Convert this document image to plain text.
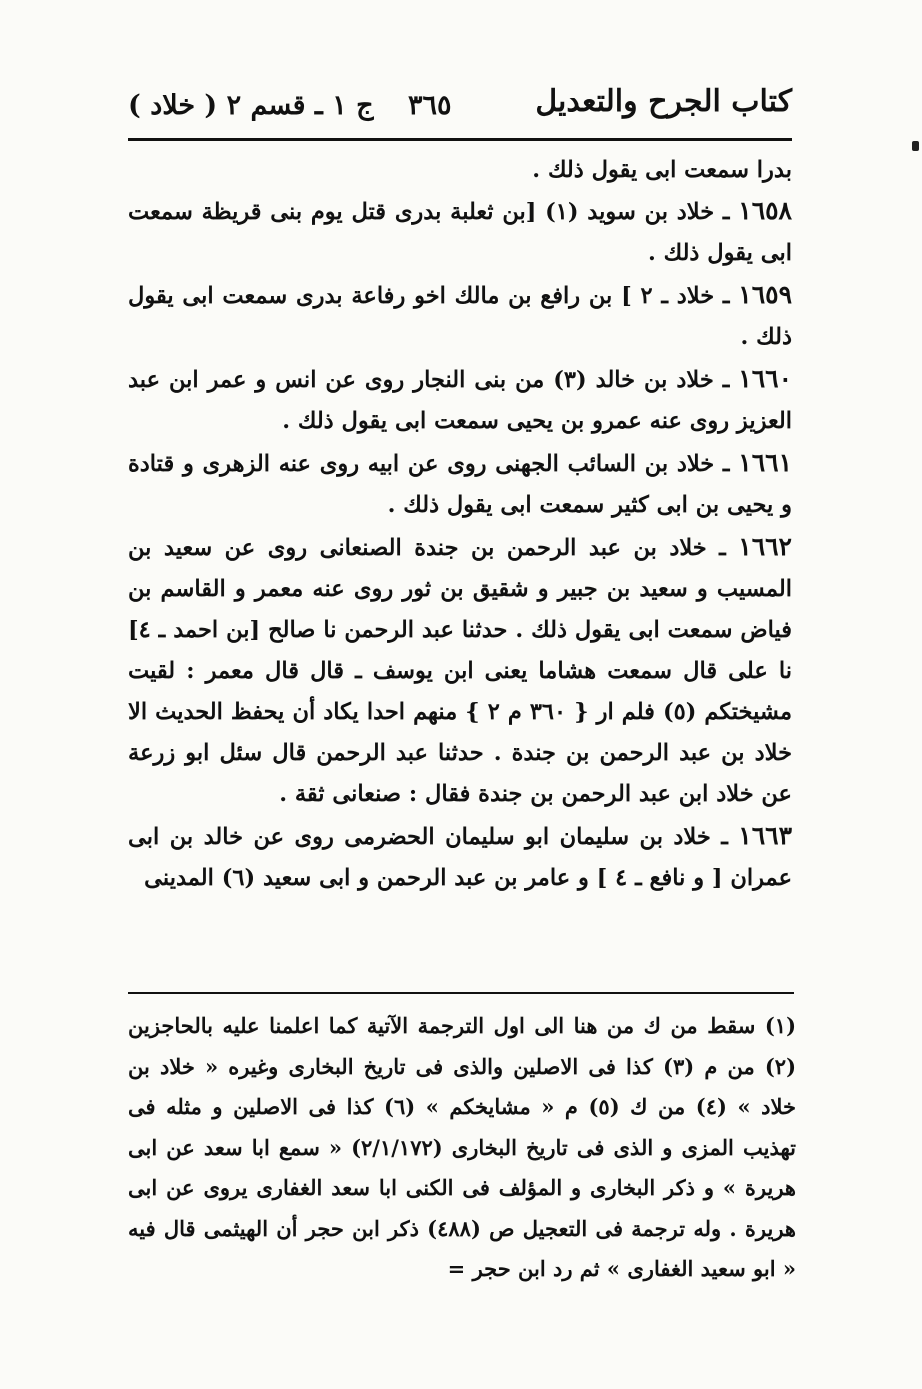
( خلاد ) ج ١ ـ قسم ٢ ٣٦٥	كتاب الجرح والتعديل

بدرا سمعت ابى يقول ذلك .

١٦٥٨ ـ خلاد بن سويد (١) [بن ثعلبة بدرى قتل يوم بنى قريظة سمعت ابى يقول ذلك .

١٦٥٩ ـ خلاد ـ ٢ ] بن رافع بن مالك اخو رفاعة بدرى سمعت ابى يقول ذلك .

١٦٦٠ ـ خلاد بن خالد (٣) من بنى النجار روى عن انس و عمر ابن عبد العزيز روى عنه عمرو بن يحيى سمعت ابى يقول ذلك .

١٦٦١ ـ خلاد بن السائب الجهنى روى عن ابيه روى عنه الزهرى و قتادة و يحيى بن ابى كثير سمعت ابى يقول ذلك .

١٦٦٢ ـ خلاد بن عبد الرحمن بن جندة الصنعانى روى عن سعيد بن المسيب و سعيد بن جبير و شقيق بن ثور روى عنه معمر و القاسم بن فياض سمعت ابى يقول ذلك . حدثنا عبد الرحمن نا صالح [بن احمد ـ ٤] نا على قال سمعت هشاما يعنى ابن يوسف ـ قال قال معمر : لقيت مشيختكم (٥) فلم ار { ٣٦٠ م ٢ } منهم احدا يكاد أن يحفظ الحديث الا خلاد بن عبد الرحمن بن جندة . حدثنا عبد الرحمن قال سئل ابو زرعة عن خلاد ابن عبد الرحمن بن جندة فقال : صنعانى ثقة .

١٦٦٣ ـ خلاد بن سليمان ابو سليمان الحضرمى روى عن خالد بن ابى عمران [ و نافع ـ ٤ ] و عامر بن عبد الرحمن و ابى سعيد (٦) المدينى

(١) سقط من ك من هنا الى اول الترجمة الآتية كما اعلمنا عليه بالحاجزين (٢) من م (٣) كذا فى الاصلين والذى فى تاريخ البخارى وغيره « خلاد بن خلاد » (٤) من ك (٥) م « مشايخكم » (٦) كذا فى الاصلين و مثله فى تهذيب المزى و الذى فى تاريخ البخارى (٢/١/١٧٢) « سمع ابا سعد عن ابى هريرة » و ذكر البخارى و المؤلف فى الكنى ابا سعد الغفارى يروى عن ابى هريرة . وله ترجمة فى التعجيل ص (٤٨٨) ذكر ابن حجر أن الهيثمى قال فيه « ابو سعيد الغفارى » ثم رد ابن حجر =
